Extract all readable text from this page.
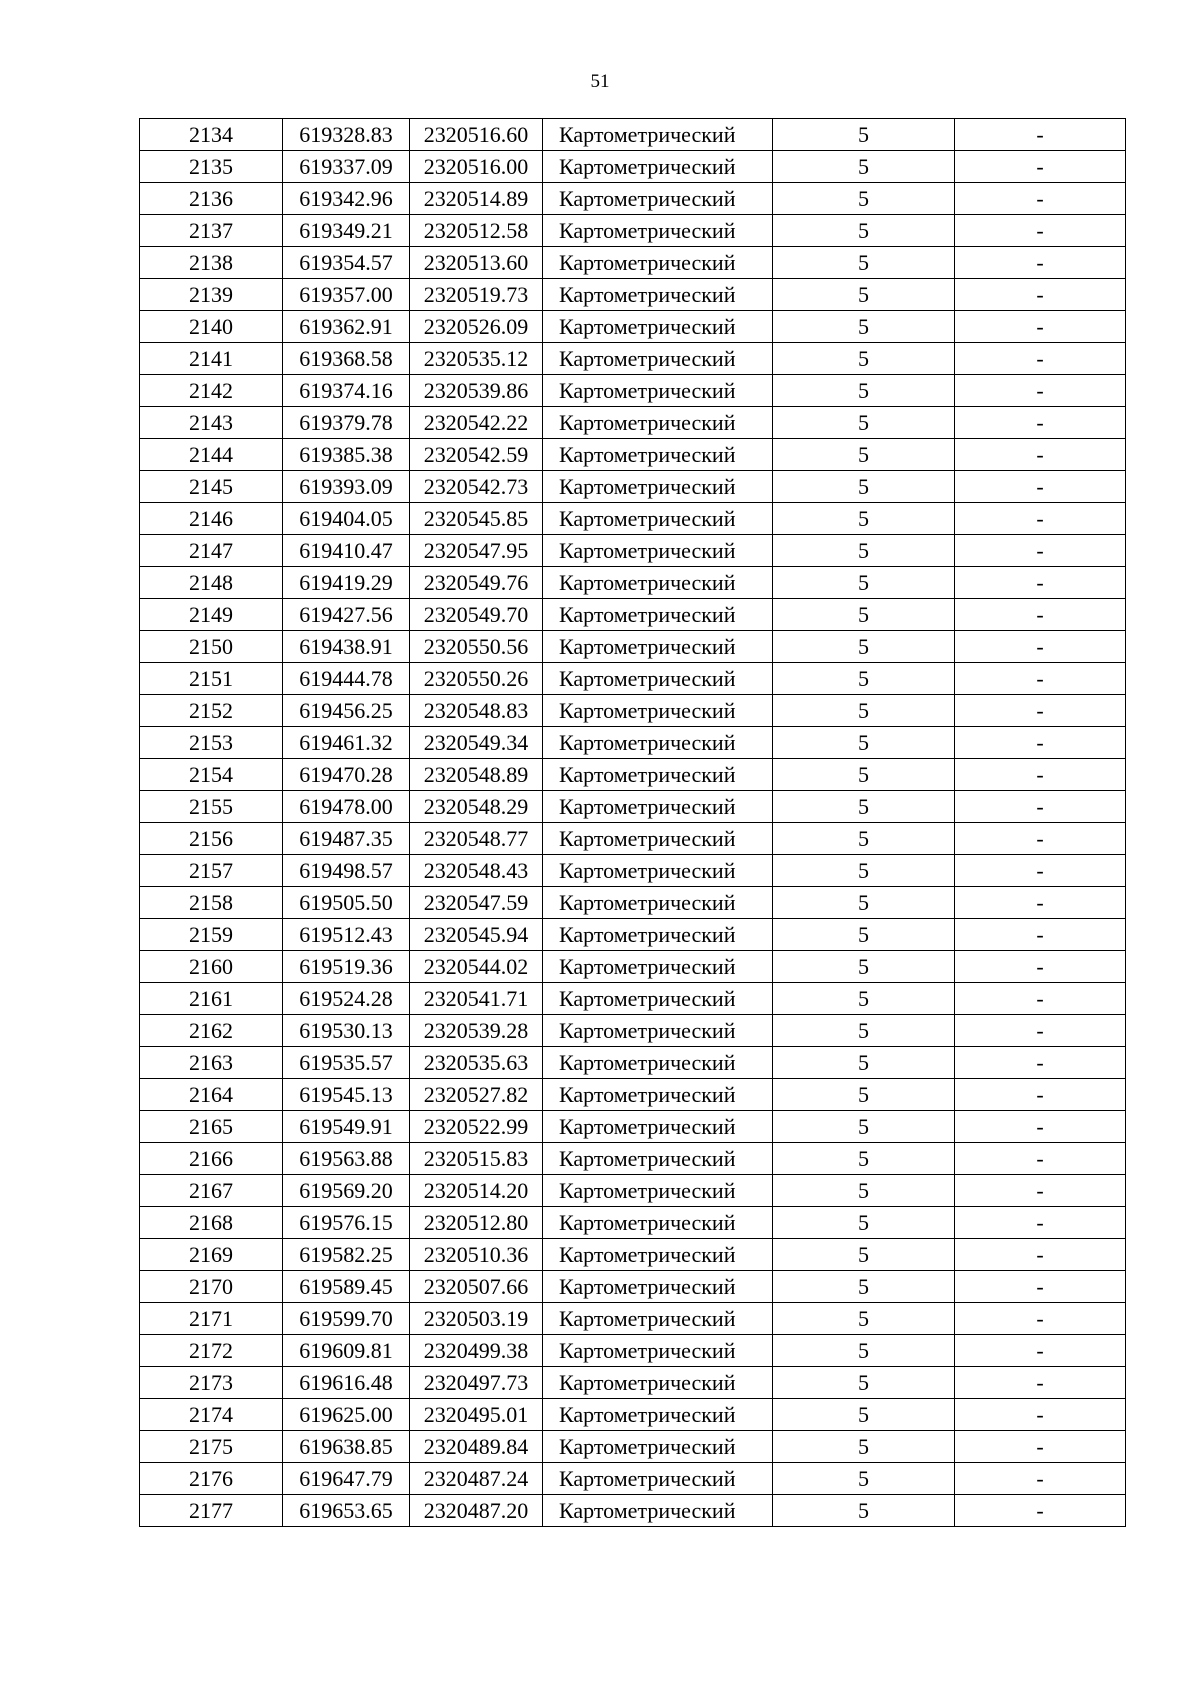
51
2134	619328.83	2320516.60	Картометрический	5	-
2135	619337.09	2320516.00	Картометрический	5	-
2136	619342.96	2320514.89	Картометрический	5	-
2137	619349.21	2320512.58	Картометрический	5	-
2138	619354.57	2320513.60	Картометрический	5	-
2139	619357.00	2320519.73	Картометрический	5	-
2140	619362.91	2320526.09	Картометрический	5	-
2141	619368.58	2320535.12	Картометрический	5	-
2142	619374.16	2320539.86	Картометрический	5	-
2143	619379.78	2320542.22	Картометрический	5	-
2144	619385.38	2320542.59	Картометрический	5	-
2145	619393.09	2320542.73	Картометрический	5	-
2146	619404.05	2320545.85	Картометрический	5	-
2147	619410.47	2320547.95	Картометрический	5	-
2148	619419.29	2320549.76	Картометрический	5	-
2149	619427.56	2320549.70	Картометрический	5	-
2150	619438.91	2320550.56	Картометрический	5	-
2151	619444.78	2320550.26	Картометрический	5	-
2152	619456.25	2320548.83	Картометрический	5	-
2153	619461.32	2320549.34	Картометрический	5	-
2154	619470.28	2320548.89	Картометрический	5	-
2155	619478.00	2320548.29	Картометрический	5	-
2156	619487.35	2320548.77	Картометрический	5	-
2157	619498.57	2320548.43	Картометрический	5	-
2158	619505.50	2320547.59	Картометрический	5	-
2159	619512.43	2320545.94	Картометрический	5	-
2160	619519.36	2320544.02	Картометрический	5	-
2161	619524.28	2320541.71	Картометрический	5	-
2162	619530.13	2320539.28	Картометрический	5	-
2163	619535.57	2320535.63	Картометрический	5	-
2164	619545.13	2320527.82	Картометрический	5	-
2165	619549.91	2320522.99	Картометрический	5	-
2166	619563.88	2320515.83	Картометрический	5	-
2167	619569.20	2320514.20	Картометрический	5	-
2168	619576.15	2320512.80	Картометрический	5	-
2169	619582.25	2320510.36	Картометрический	5	-
2170	619589.45	2320507.66	Картометрический	5	-
2171	619599.70	2320503.19	Картометрический	5	-
2172	619609.81	2320499.38	Картометрический	5	-
2173	619616.48	2320497.73	Картометрический	5	-
2174	619625.00	2320495.01	Картометрический	5	-
2175	619638.85	2320489.84	Картометрический	5	-
2176	619647.79	2320487.24	Картометрический	5	-
2177	619653.65	2320487.20	Картометрический	5	-
